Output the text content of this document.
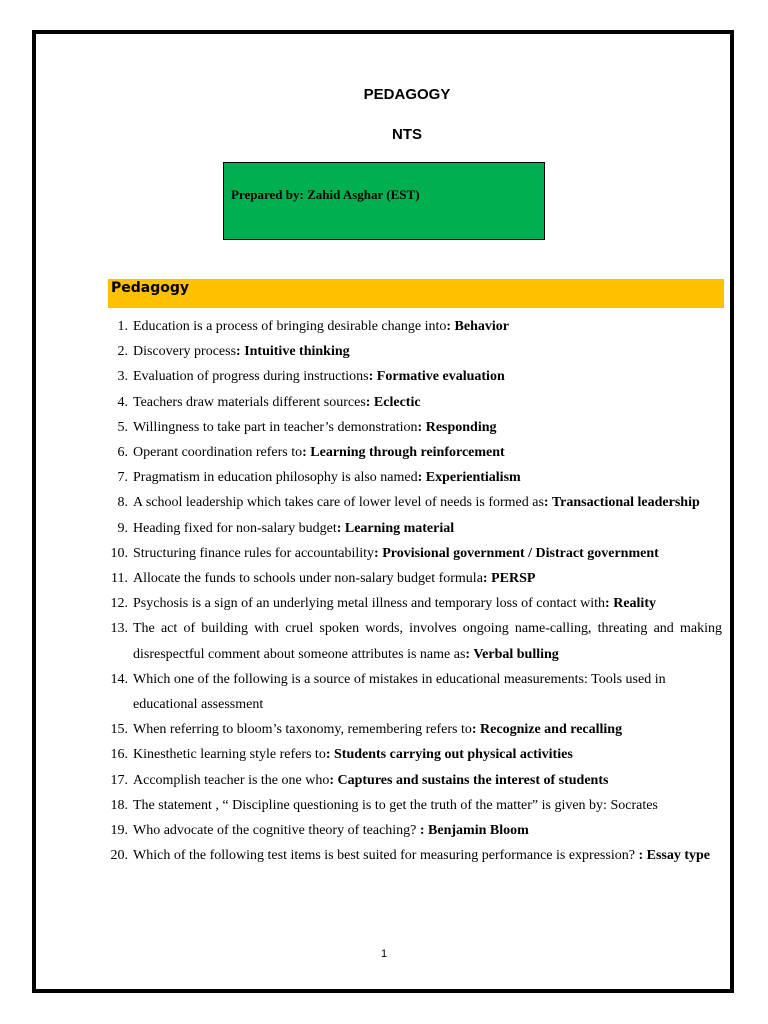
PEDAGOGY
NTS
Prepared by: Zahid Asghar (EST)
Pedagogy
1. Education is a process of bringing desirable change into: Behavior
2. Discovery process: Intuitive thinking
3. Evaluation of progress during instructions: Formative evaluation
4. Teachers draw materials different sources: Eclectic
5. Willingness to take part in teacher’s demonstration: Responding
6. Operant coordination refers to: Learning through reinforcement
7. Pragmatism in education philosophy is also named: Experientialism
8. A school leadership which takes care of lower level of needs is formed as: Transactional leadership
9. Heading fixed for non-salary budget: Learning material
10. Structuring finance rules for accountability: Provisional government / Distract government
11. Allocate the funds to schools under non-salary budget formula: PERSP
12. Psychosis is a sign of an underlying metal illness and temporary loss of contact with: Reality
13. The act of building with cruel spoken words, involves ongoing name-calling, threating and making disrespectful comment about someone attributes is name as: Verbal bulling
14. Which one of the following is a source of mistakes in educational measurements: Tools used in educational assessment
15. When referring to bloom’s taxonomy, remembering refers to: Recognize and recalling
16. Kinesthetic learning style refers to: Students carrying out physical activities
17. Accomplish teacher is the one who: Captures and sustains the interest of students
18. The statement , “ Discipline questioning is to get the truth of the matter” is given by: Socrates
19. Who advocate of the cognitive theory of teaching? : Benjamin Bloom
20. Which of the following test items is best suited for measuring performance is expression? : Essay type
1
